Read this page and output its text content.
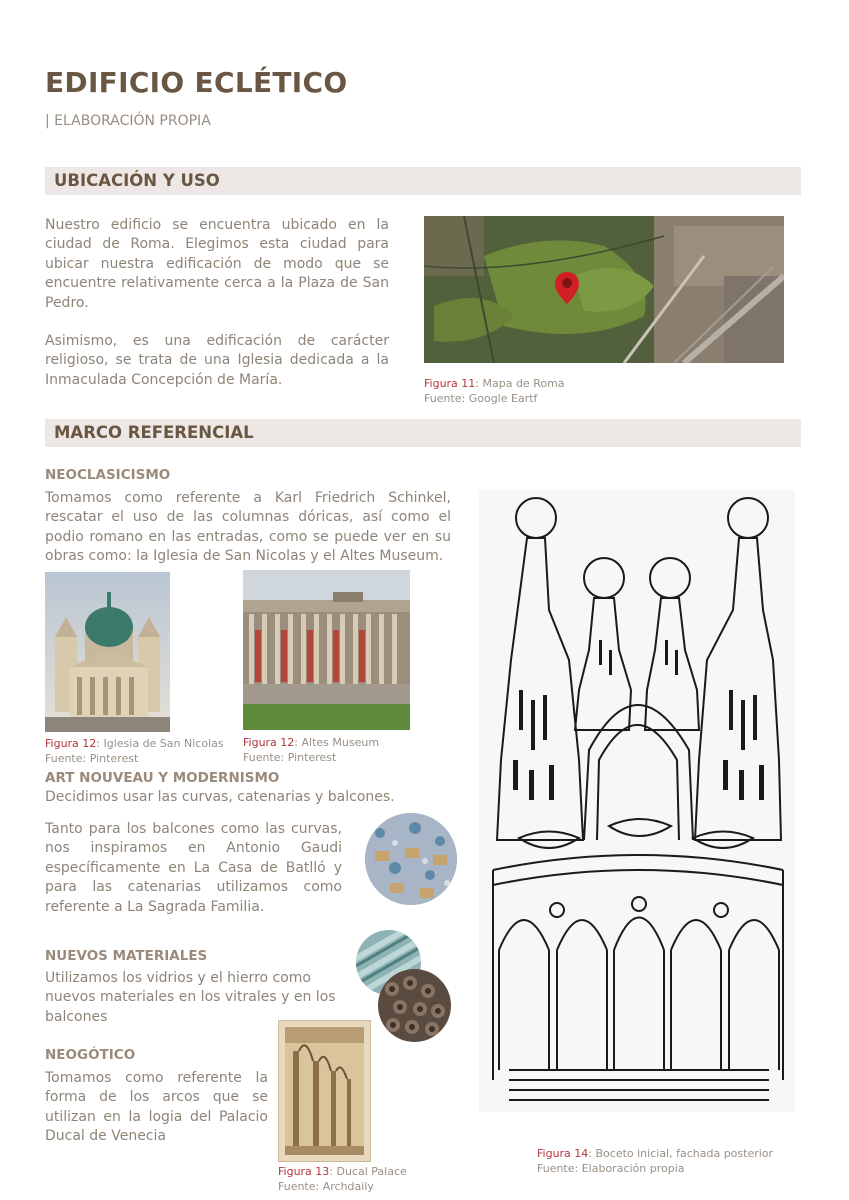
EDIFICIO ECLÉTICO
| ELABORACIÓN PROPIA
UBICACIÓN Y USO
Nuestro edificio se encuentra ubicado en la ciudad de Roma. Elegimos esta ciudad para ubicar nuestra edificación de modo que se encuentre relativamente cerca a la Plaza de San Pedro.
Asimismo, es una edificación de carácter religioso, se trata de una Iglesia dedicada a la Inmaculada Concepción de María.	Figura 11: Mapa de Roma
Fuente: Google Eartf
MARCO REFERENCIAL
NEOCLASICISMO
Tomamos como referente a Karl Friedrich Schinkel, rescatar el uso de las columnas dóricas, así como el podio romano en las entradas, como se puede ver en su obras como: la Iglesia de San Nicolas y el Altes Museum.
Figura 12: Iglesia de San Nicolas
Fuente: Pinterest
Figura 12: Altes Museum
Fuente: Pinterest
ART NOUVEAU Y MODERNISMO
Decidimos usar las curvas, catenarias y balcones.
Tanto para los balcones como las curvas, nos inspiramos en Antonio Gaudi específicamente en La Casa de Batlló y para las catenarias utilizamos como referente a La Sagrada Familia.
NUEVOS MATERIALES
Utilizamos los vidrios y el hierro como nuevos materiales en los vitrales y en los balcones
NEOGÓTICO
Tomamos como referente la forma de los arcos que se utilizan en la logia del Palacio Ducal de Venecia
Figura 13: Ducal Palace
Fuente: Archdaily
Figura 14: Boceto inicial, fachada posterior
Fuente: Elaboración propia
